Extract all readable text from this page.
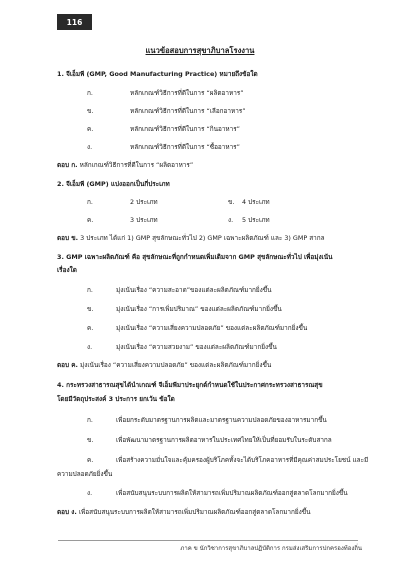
116
แนวข้อสอบการสุขาภิบาลโรงงาน
1. จีเอ็มพี (GMP, Good Manufacturing Practice) หมายถึงข้อใด
ก.	หลักเกณฑ์วิธีการที่ดีในการ “ผลิตอาหาร”
ข.	หลักเกณฑ์วิธีการที่ดีในการ “เลือกอาหาร”
ค.	หลักเกณฑ์วิธีการที่ดีในการ “กินอาหาร”
ง.	หลักเกณฑ์วิธีการที่ดีในการ “ซื้ออาหาร”
ตอบ ก. หลักเกณฑ์วิธีการที่ดีในการ “ผลิตอาหาร”
2. จีเอ็มพี (GMP) แบ่งออกเป็นกี่ประเภท
ก.	2 ประเภท	ข. 4 ประเภท
ค.	3 ประเภท	ง. 5 ประเภท
ตอบ ข. 3 ประเภท ได้แก่ 1) GMP สุขลักษณะทั่วไป 2) GMP เฉพาะผลิตภัณฑ์ และ 3) GMP สากล
3. GMP เฉพาะผลิตภัณฑ์ คือ สุขลักษณะที่ถูกกำหนดเพิ่มเติมจาก GMP สุขลักษณะทั่วไป เพื่อมุ่งเน้น
เรื่องใด
ก.	มุ่งเน้นเรื่อง “ความสะอาด”ของแต่ละผลิตภัณฑ์มากยิ่งขึ้น
ข.	มุ่งเน้นเรื่อง “การเพิ่มปริมาณ” ของแต่ละผลิตภัณฑ์มากยิ่งขึ้น
ค.	มุ่งเน้นเรื่อง “ความเสี่ยงความปลอดภัย” ของแต่ละผลิตภัณฑ์มากยิ่งขึ้น
ง.	มุ่งเน้นเรื่อง “ความสวยงาม” ของแต่ละผลิตภัณฑ์มากยิ่งขึ้น
ตอบ ค. มุ่งเน้นเรื่อง “ความเสี่ยงความปลอดภัย” ของแต่ละผลิตภัณฑ์มากยิ่งขึ้น
4. กระทรวงสาธารณสุขได้นำเกณฑ์ จีเอ็มพีมาประยุกต์กำหนดใช้ในประกาศกระทรวงสาธารณสุข
โดยมีวัตถุประสงค์ 3 ประการ ยกเว้น ข้อใด
ก.	เพื่อยกระดับมาตรฐานการผลิตและมาตรฐานความปลอดภัยของอาหารมากขึ้น
ข.	เพื่อพัฒนามาตรฐานการผลิตอาหารในประเทศไทยให้เป็นที่ยอมรับในระดับสากล
ค.	เพื่อสร้างความมั่นใจและคุ้มครองผู้บริโภคทั้งจะได้บริโภคอาหารที่มีคุณค่าสมประโยชน์ และมี
ความปลอดภัยยิ่งขึ้น
ง.	เพื่อสนับสนุนระบบการผลิตให้สามารถเพิ่มปริมาณผลิตภัณฑ์ออกสู่ตลาดโลกมากยิ่งขึ้น
ตอบ ง. เพื่อสนับสนุนระบบการผลิตให้สามารถเพิ่มปริมาณผลิตภัณฑ์ออกสู่ตลาดโลกมากยิ่งขึ้น
ภาค ข นักวิชาการสุขาภิบาลปฏิบัติการ กรมส่งเสริมการปกครองท้องถิ่น
